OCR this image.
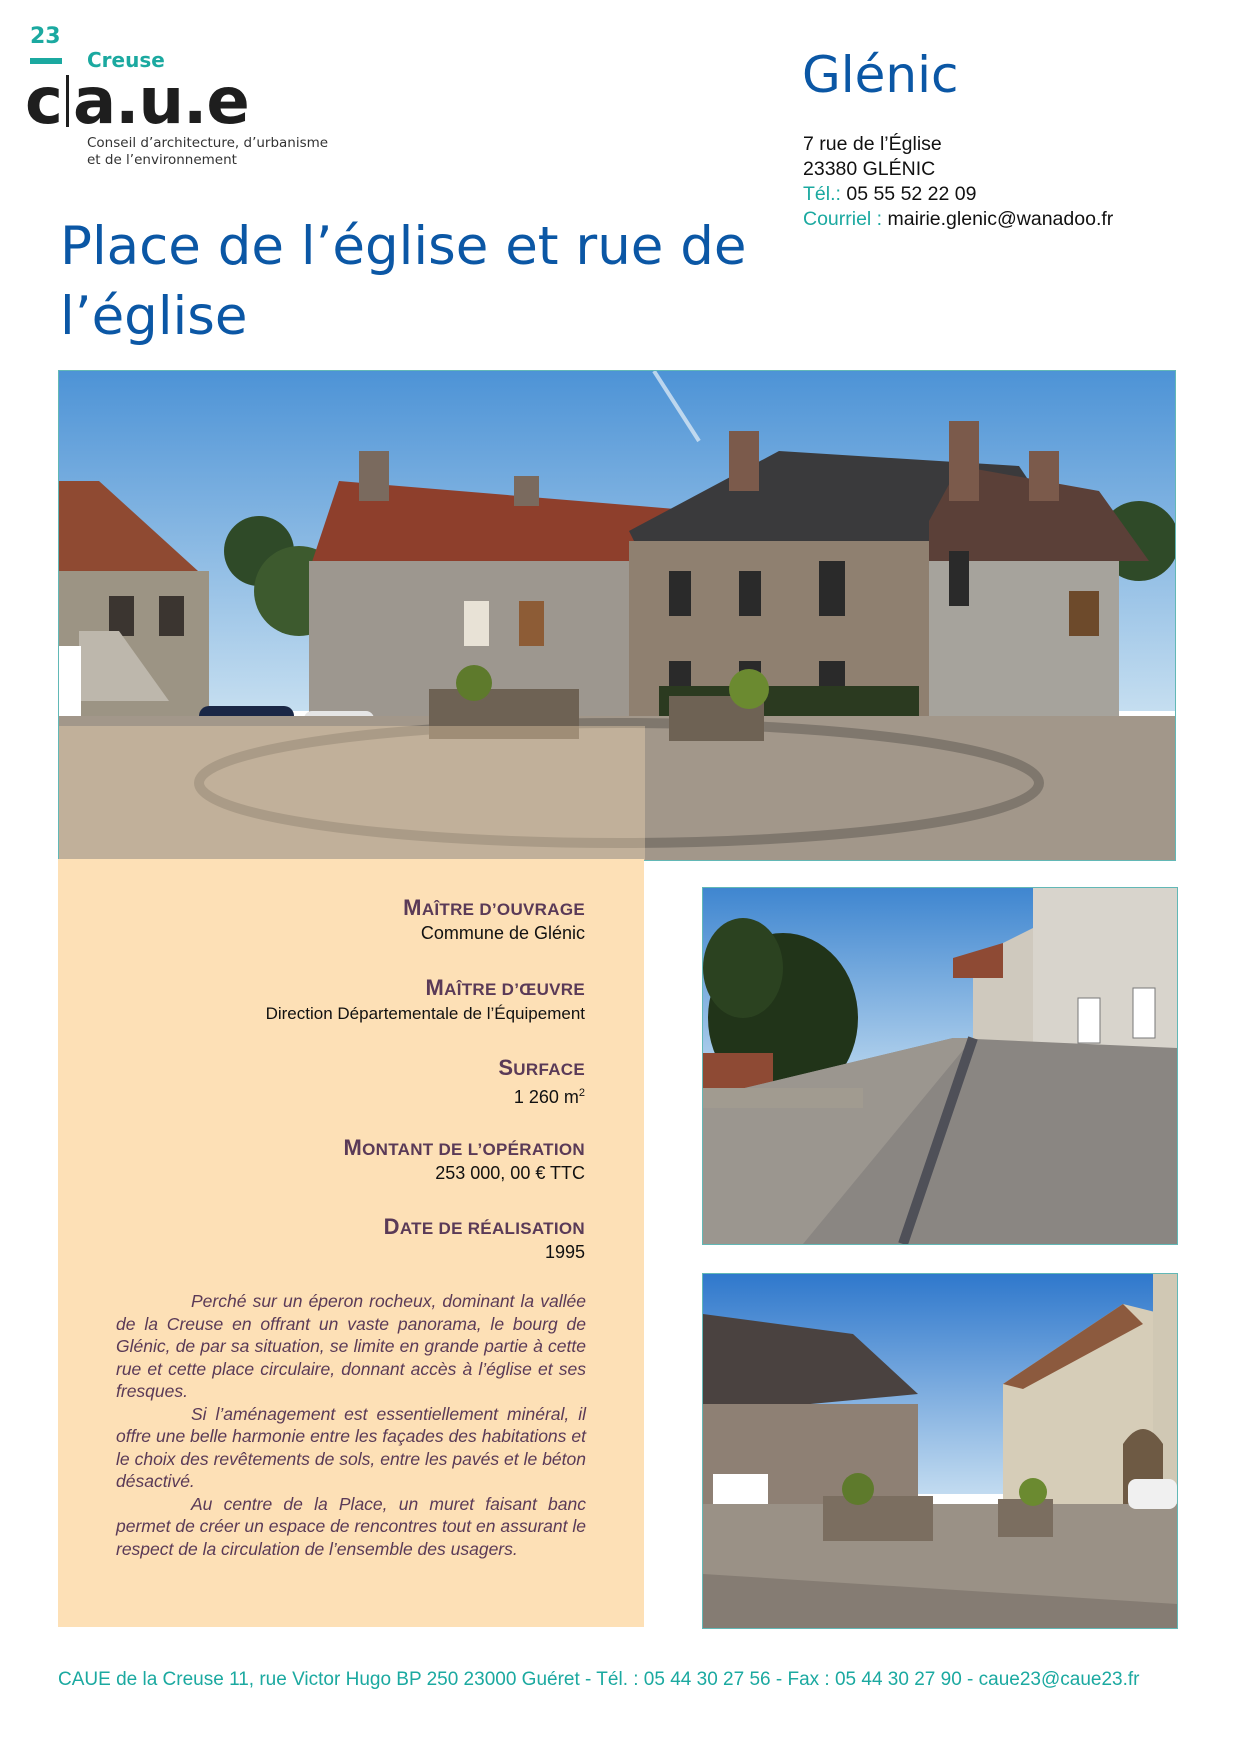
23
Creuse
c a.u.e
Conseil d’architecture, d’urbanisme
et de l’environnement
Glénic
7 rue de l’Église
23380 GLÉNIC
Tél.: 05 55 52 22 09
Courriel : mairie.glenic@wanadoo.fr
Place de l’église et rue de l’église
MAÎTRE D’OUVRAGE
Commune de Glénic
MAÎTRE D’ŒUVRE
Direction Départementale de l’Équipement
SURFACE
1 260 $m^2$
MONTANT DE L’OPÉRATION
253 000, 00 € TTC
DATE DE RÉALISATION
1995

Perché sur un éperon rocheux, dominant la vallée de la Creuse en offrant un vaste panorama, le bourg de Glénic, de par sa situation, se limite en grande partie à cette rue et cette place circulaire, donnant accès à l’église et ses fresques.

Si l’aménagement est essentiellement minéral, il offre une belle harmonie entre les façades des habitations et le choix des revêtements de sols, entre les pavés et le béton désactivé.

Au centre de la Place, un muret faisant banc permet de créer un espace de rencontres tout en assurant le respect de la circulation de l’ensemble des usagers.

CAUE de la Creuse 11, rue Victor Hugo BP 250 23000 Guéret - Tél. : 05 44 30 27 56 - Fax : 05 44 30 27 90 - caue23@caue23.fr
